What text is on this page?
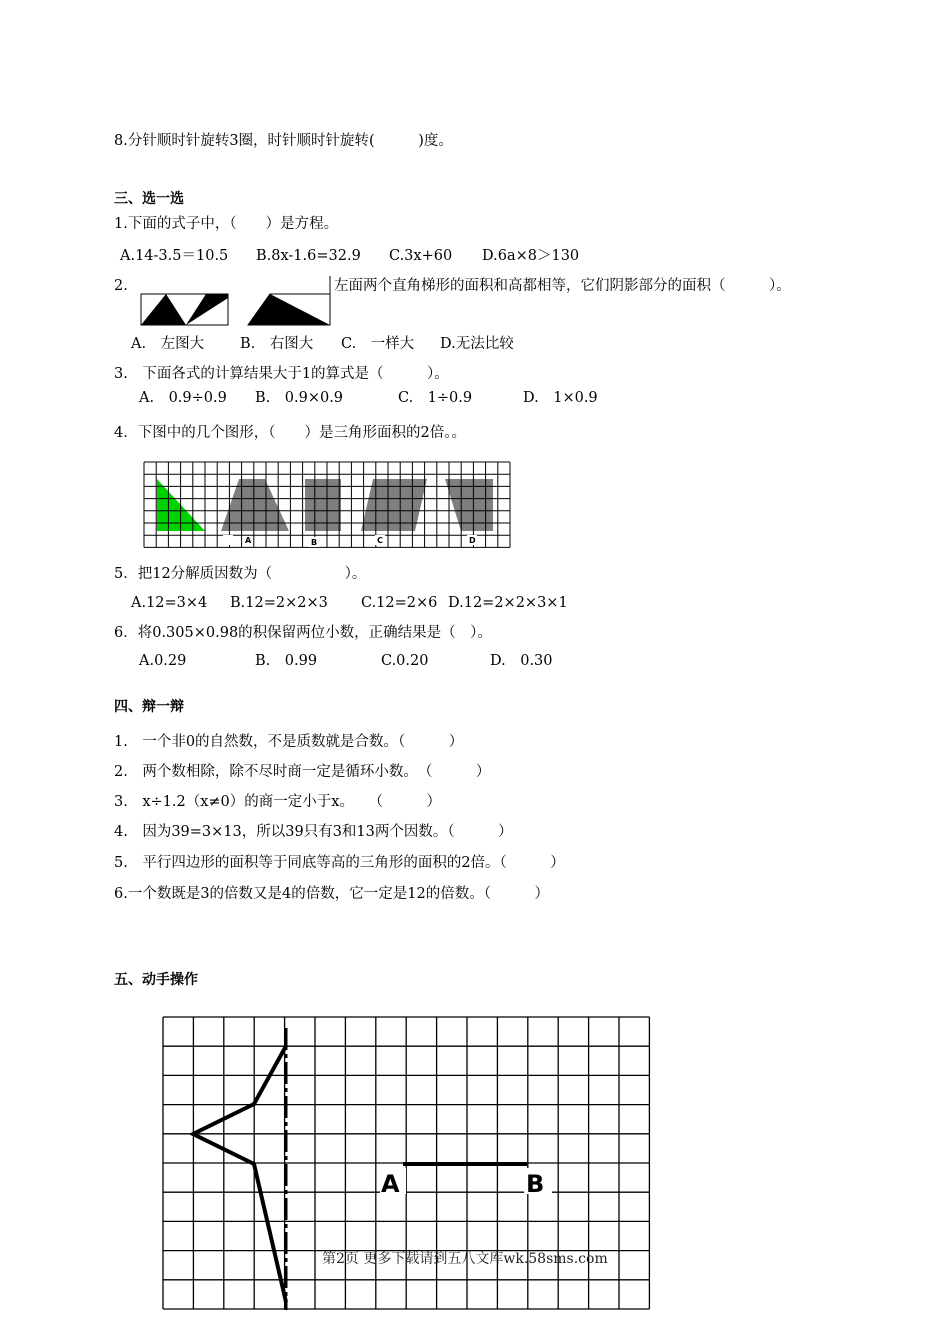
8.分针顺时针旋转3圈，时针顺时针旋转(　　　)度。
三、选一选
1.下面的式子中，（　　）是方程。
A.14-3.5＝10.5 B.8x-1.6=32.9 C.3x+60 D.6a×8＞130
2.	左面两个直角梯形的面积和高都相等，它们阴影部分的面积（　　　）。
A.　左图大 B.　右图大 C.　一样大 D.无法比较
3.　下面各式的计算结果大于1的算式是（　　　）。
A.　0.9÷0.9 B.　0.9×0.9	C.　1÷0.9	D.　1×0.9
4．下图中的几个图形，（　　）是三角形面积的2倍。。
A	B	C	D
5．把12分解质因数为（　　　　　）。
A.12=3×4 B.12=2×2×3 C.12=2×6 D.12=2×2×3×1
6．将0.305×0.98的积保留两位小数，正确结果是（　）。
A.0.29	B.　0.99	C.0.20	D.　0.30
四、辩一辩
1.　一个非0的自然数，不是质数就是合数。（　　　）
2.　两个数相除，除不尽时商一定是循环小数。　（　　　）
3.　x÷1.2（x≠0）的商一定小于x。　　（　　　）
4.　因为39=3×13，所以39只有3和13两个因数。（　　　）
5.　平行四边形的面积等于同底等高的三角形的面积的2倍。（　　　）
6.一个数既是3的倍数又是4的倍数，它一定是12的倍数。（　　　）
五、动手操作
A	B
第2页 更多下载请到五八文库wk.58sms.com
